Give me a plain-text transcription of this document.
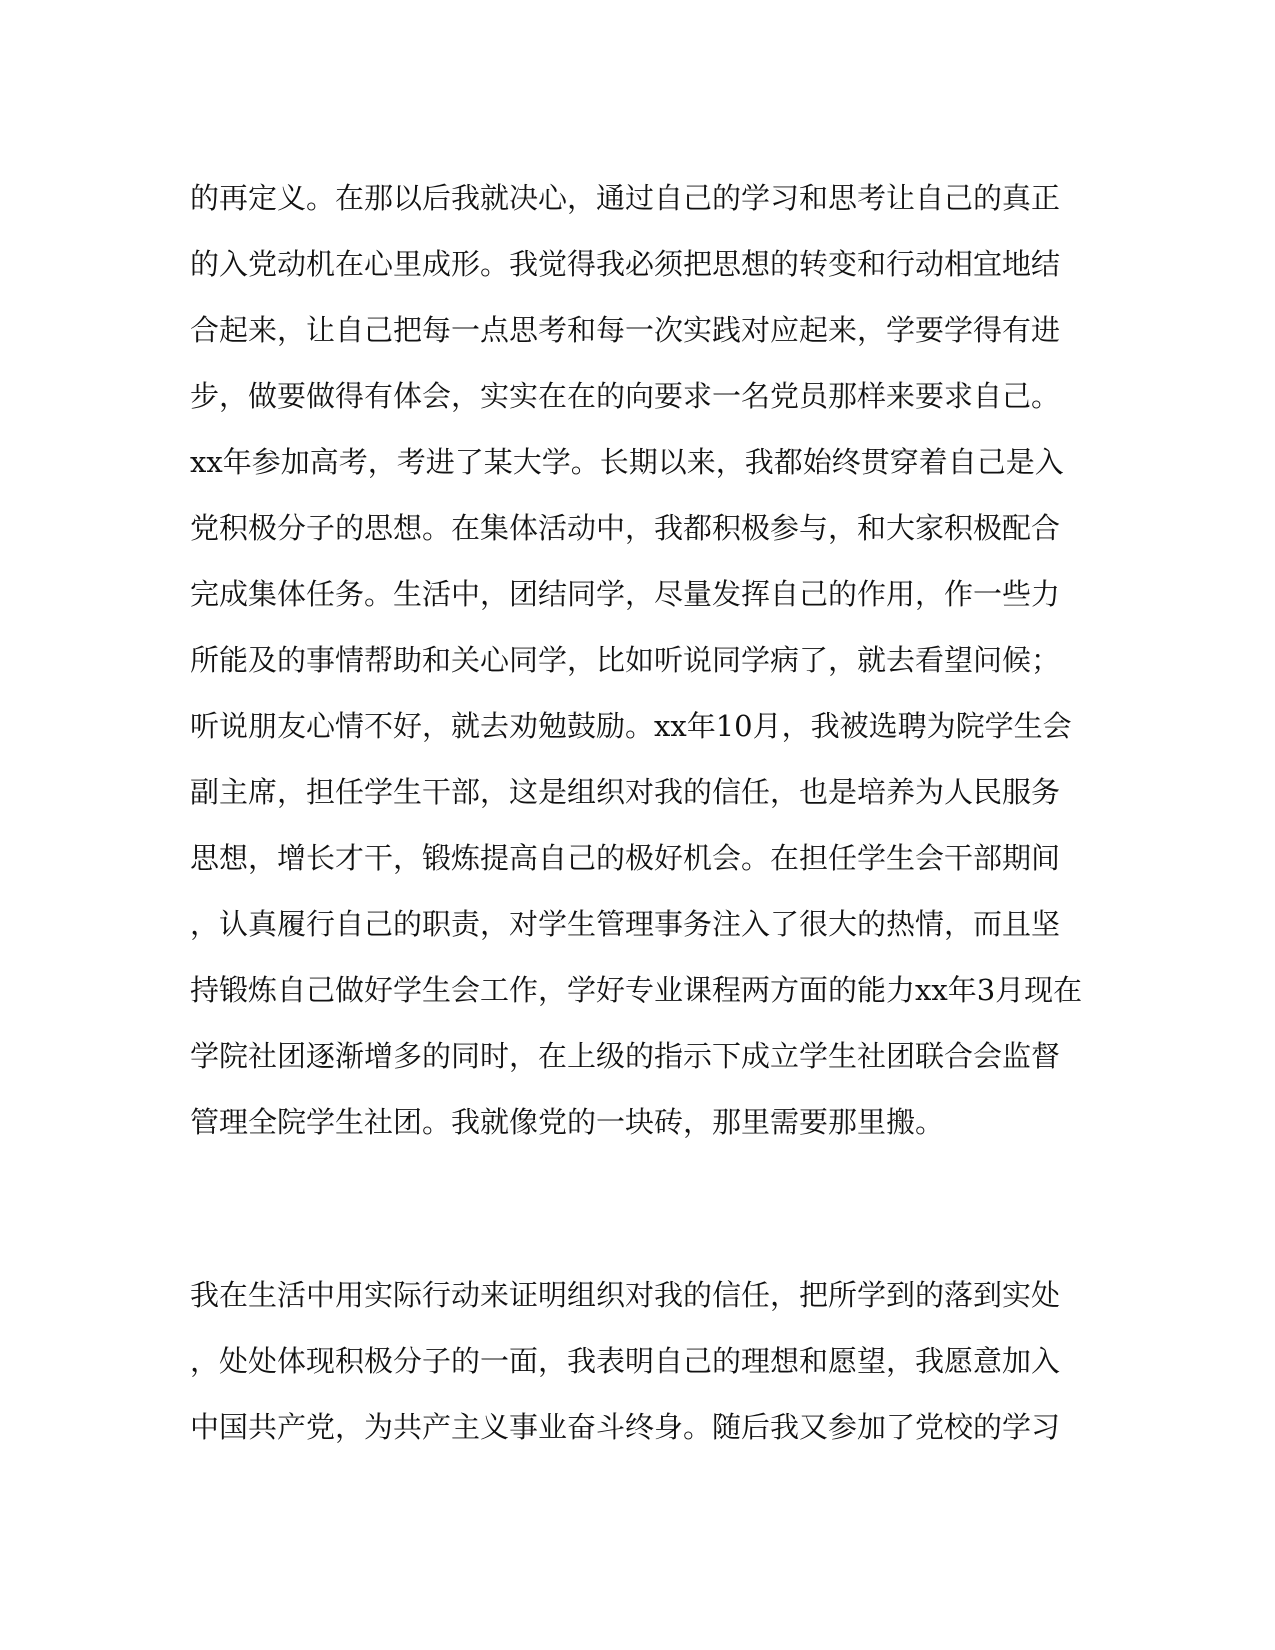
的再定义。在那以后我就决心，通过自己的学习和思考让自己的真正
的入党动机在心里成形。我觉得我必须把思想的转变和行动相宜地结
合起来，让自己把每一点思考和每一次实践对应起来，学要学得有进
步，做要做得有体会，实实在在的向要求一名党员那样来要求自己。
xx年参加高考，考进了某大学。长期以来，我都始终贯穿着自己是入
党积极分子的思想。在集体活动中，我都积极参与，和大家积极配合
完成集体任务。生活中，团结同学，尽量发挥自己的作用，作一些力
所能及的事情帮助和关心同学，比如听说同学病了，就去看望问候；
听说朋友心情不好，就去劝勉鼓励。xx年10月，我被选聘为院学生会
副主席，担任学生干部，这是组织对我的信任，也是培养为人民服务
思想，增长才干，锻炼提高自己的极好机会。在担任学生会干部期间
，认真履行自己的职责，对学生管理事务注入了很大的热情，而且坚
持锻炼自己做好学生会工作，学好专业课程两方面的能力xx年3月现在
学院社团逐渐增多的同时，在上级的指示下成立学生社团联合会监督
管理全院学生社团。我就像党的一块砖，那里需要那里搬。
我在生活中用实际行动来证明组织对我的信任，把所学到的落到实处
，处处体现积极分子的一面，我表明自己的理想和愿望，我愿意加入
中国共产党，为共产主义事业奋斗终身。随后我又参加了党校的学习
